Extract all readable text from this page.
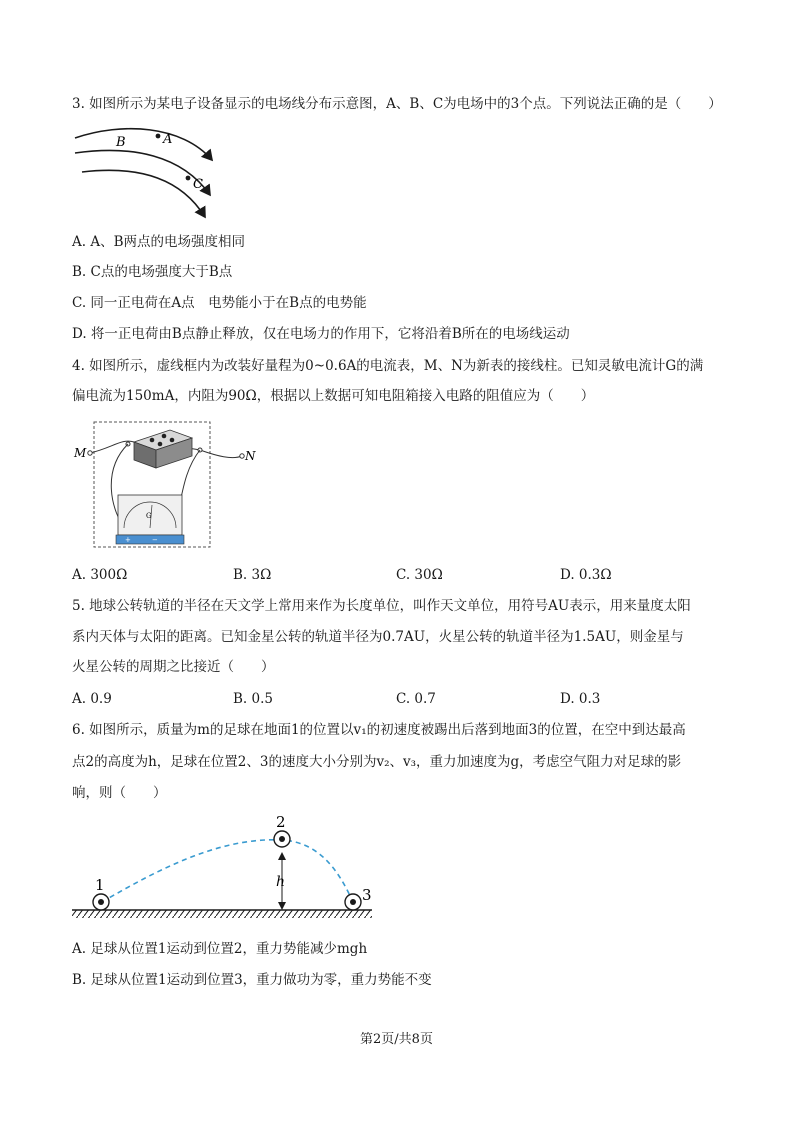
3. 如图所示为某电子设备显示的电场线分布示意图，A、B、C为电场中的3个点。下列说法正确的是（　　）
A
B
C
A. A、B两点的电场强度相同
B. C点的电场强度大于B点
C. 同一正电荷在A点　电势能小于在B点的电势能
D. 将一正电荷由B点静止释放，仅在电场力的作用下，它将沿着B所在的电场线运动
4. 如图所示，虚线框内为改装好量程为0~0.6A的电流表，M、N为新表的接线柱。已知灵敏电流计G的满
偏电流为150mA，内阻为90Ω，根据以上数据可知电阻箱接入电路的阻值应为（　　）
G
+	−
M	N
A. 300Ω	B. 3Ω	C. 30Ω	D. 0.3Ω
5. 地球公转轨道的半径在天文学上常用来作为长度单位，叫作天文单位，用符号AU表示，用来量度太阳
系内天体与太阳的距离。已知金星公转的轨道半径为0.7AU，火星公转的轨道半径为1.5AU，则金星与
火星公转的周期之比接近（　　）
A. 0.9	B. 0.5	C. 0.7	D. 0.3
6. 如图所示，质量为m的足球在地面1的位置以v₁的初速度被踢出后落到地面3的位置，在空中到达最高
点2的高度为h，足球在位置2、3的速度大小分别为v₂、v₃，重力加速度为g，考虑空气阻力对足球的影
响，则（　　）
h
1
2
3
A. 足球从位置1运动到位置2，重力势能减少mgh
B. 足球从位置1运动到位置3，重力做功为零，重力势能不变
第2页/共8页
